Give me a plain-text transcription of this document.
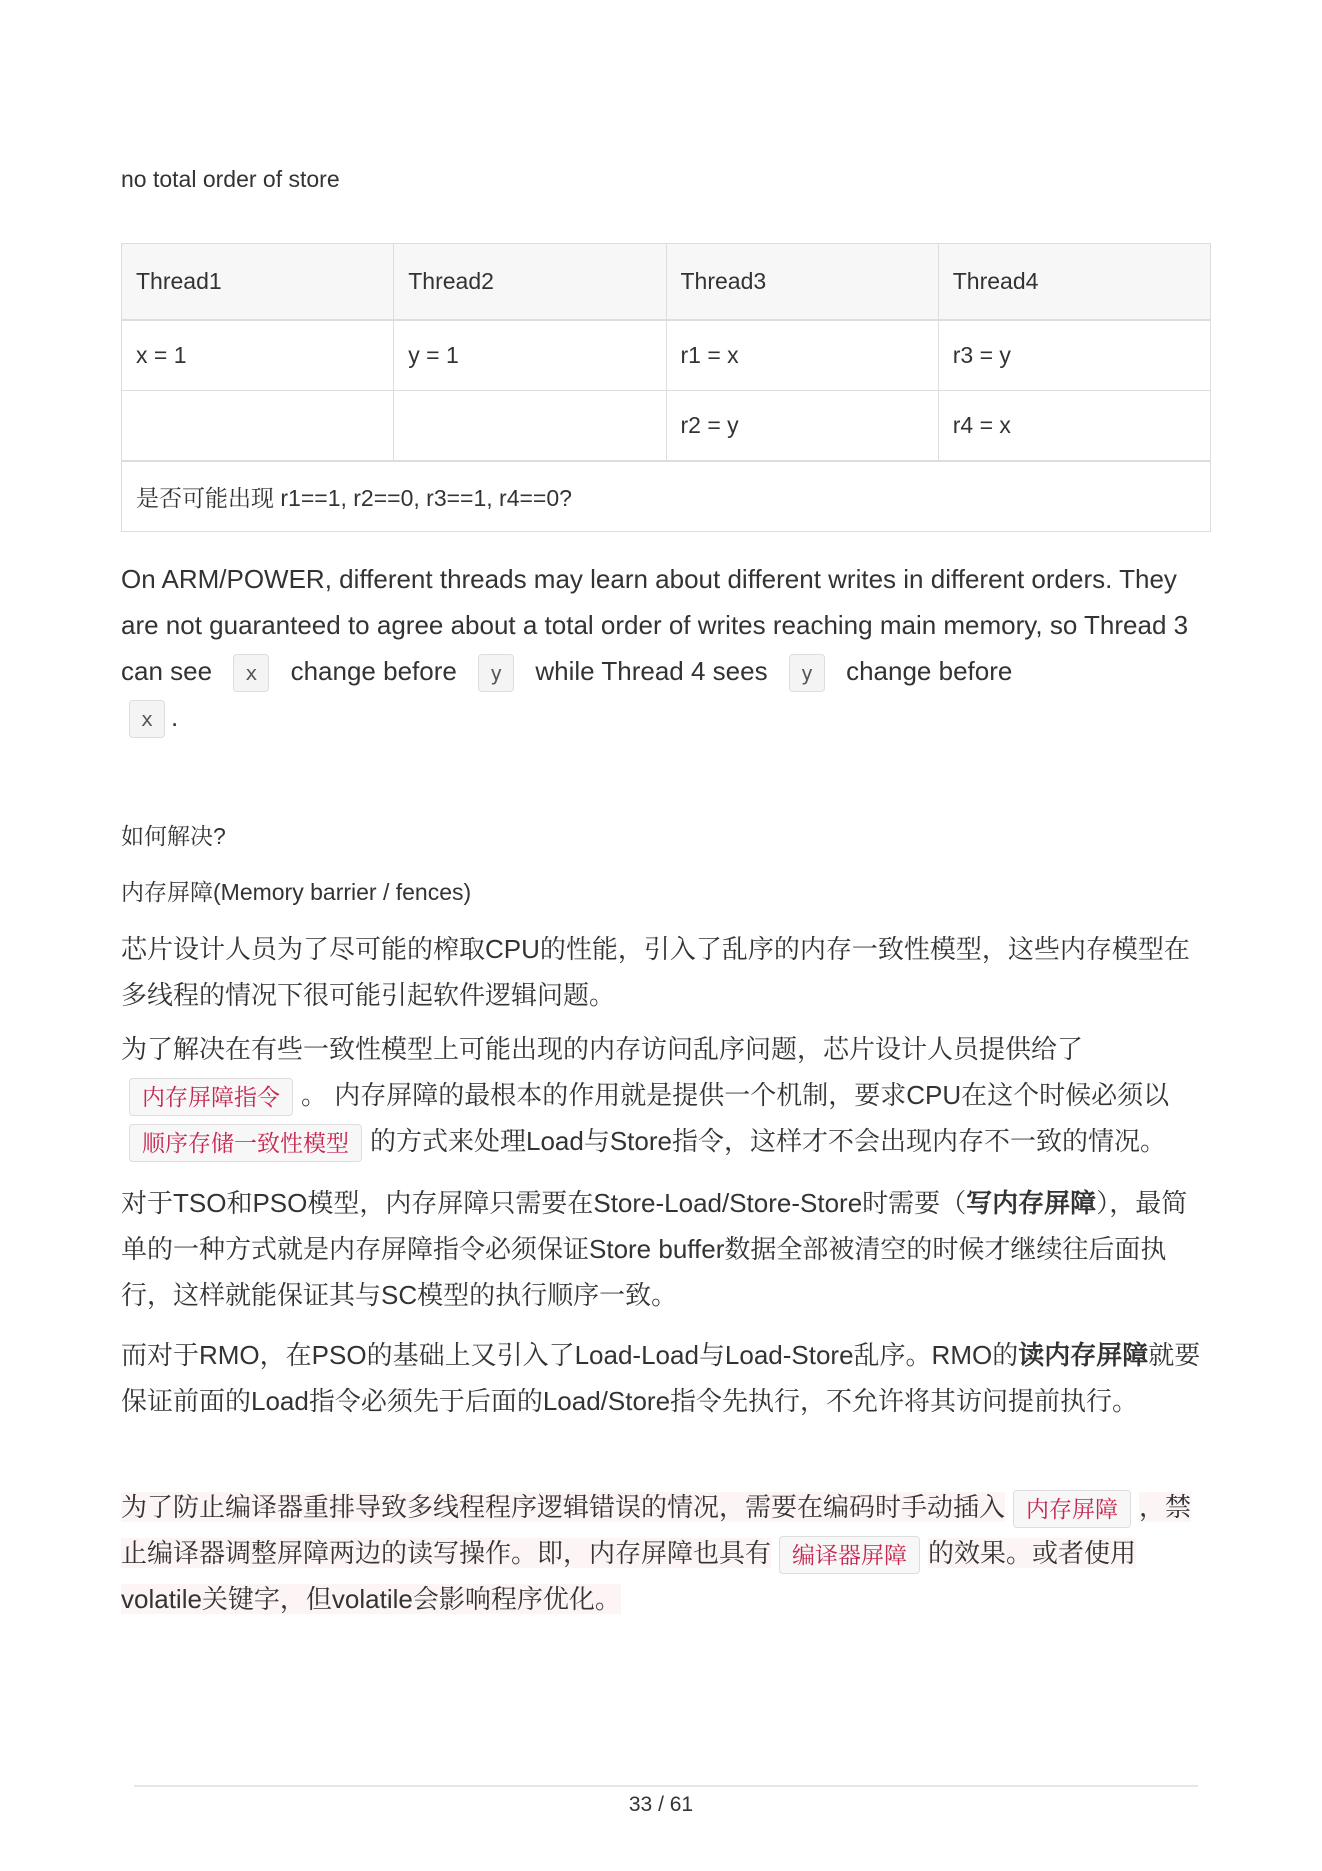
no total order of store
Thread1	Thread2	Thread3	Thread4
x = 1	y = 1	r1 = x	r3 = y
		r2 = y	r4 = x
是否可能出现 r1==1, r2==0, r3==1, r4==0?			
On ARM/POWER, different threads may learn about different writes in different orders. They are not guaranteed to agree about a total order of writes reaching main memory, so Thread 3 can see x change before y while Thread 4 sees y change before
x .
如何解决?
内存屏障(Memory barrier / fences)
芯片设计人员为了尽可能的榨取CPU的性能，引入了乱序的内存一致性模型，这些内存模型在多线程的情况下很可能引起软件逻辑问题。
为了解决在有些一致性模型上可能出现的内存访问乱序问题，芯片设计人员提供给了内存屏障指令 。 内存屏障的最根本的作用就是提供一个机制，要求CPU在这个时候必须以顺序存储一致性模型 的方式来处理Load与Store指令，这样才不会出现内存不一致的情况。
对于TSO和PSO模型，内存屏障只需要在Store-Load/Store-Store时需要（写内存屏障），最简单的一种方式就是内存屏障指令必须保证Store buffer数据全部被清空的时候才继续往后面执行，这样就能保证其与SC模型的执行顺序一致。
而对于RMO，在PSO的基础上又引入了Load-Load与Load-Store乱序。RMO的读内存屏障就要保证前面的Load指令必须先于后面的Load/Store指令先执行，不允许将其访问提前执行。
为了防止编译器重排导致多线程程序逻辑错误的情况，需要在编码时手动插入 内存屏障 ，禁止编译器调整屏障两边的读写操作。即，内存屏障也具有 编译器屏障 的效果。或者使用volatile关键字，但volatile会影响程序优化。
33 / 61
